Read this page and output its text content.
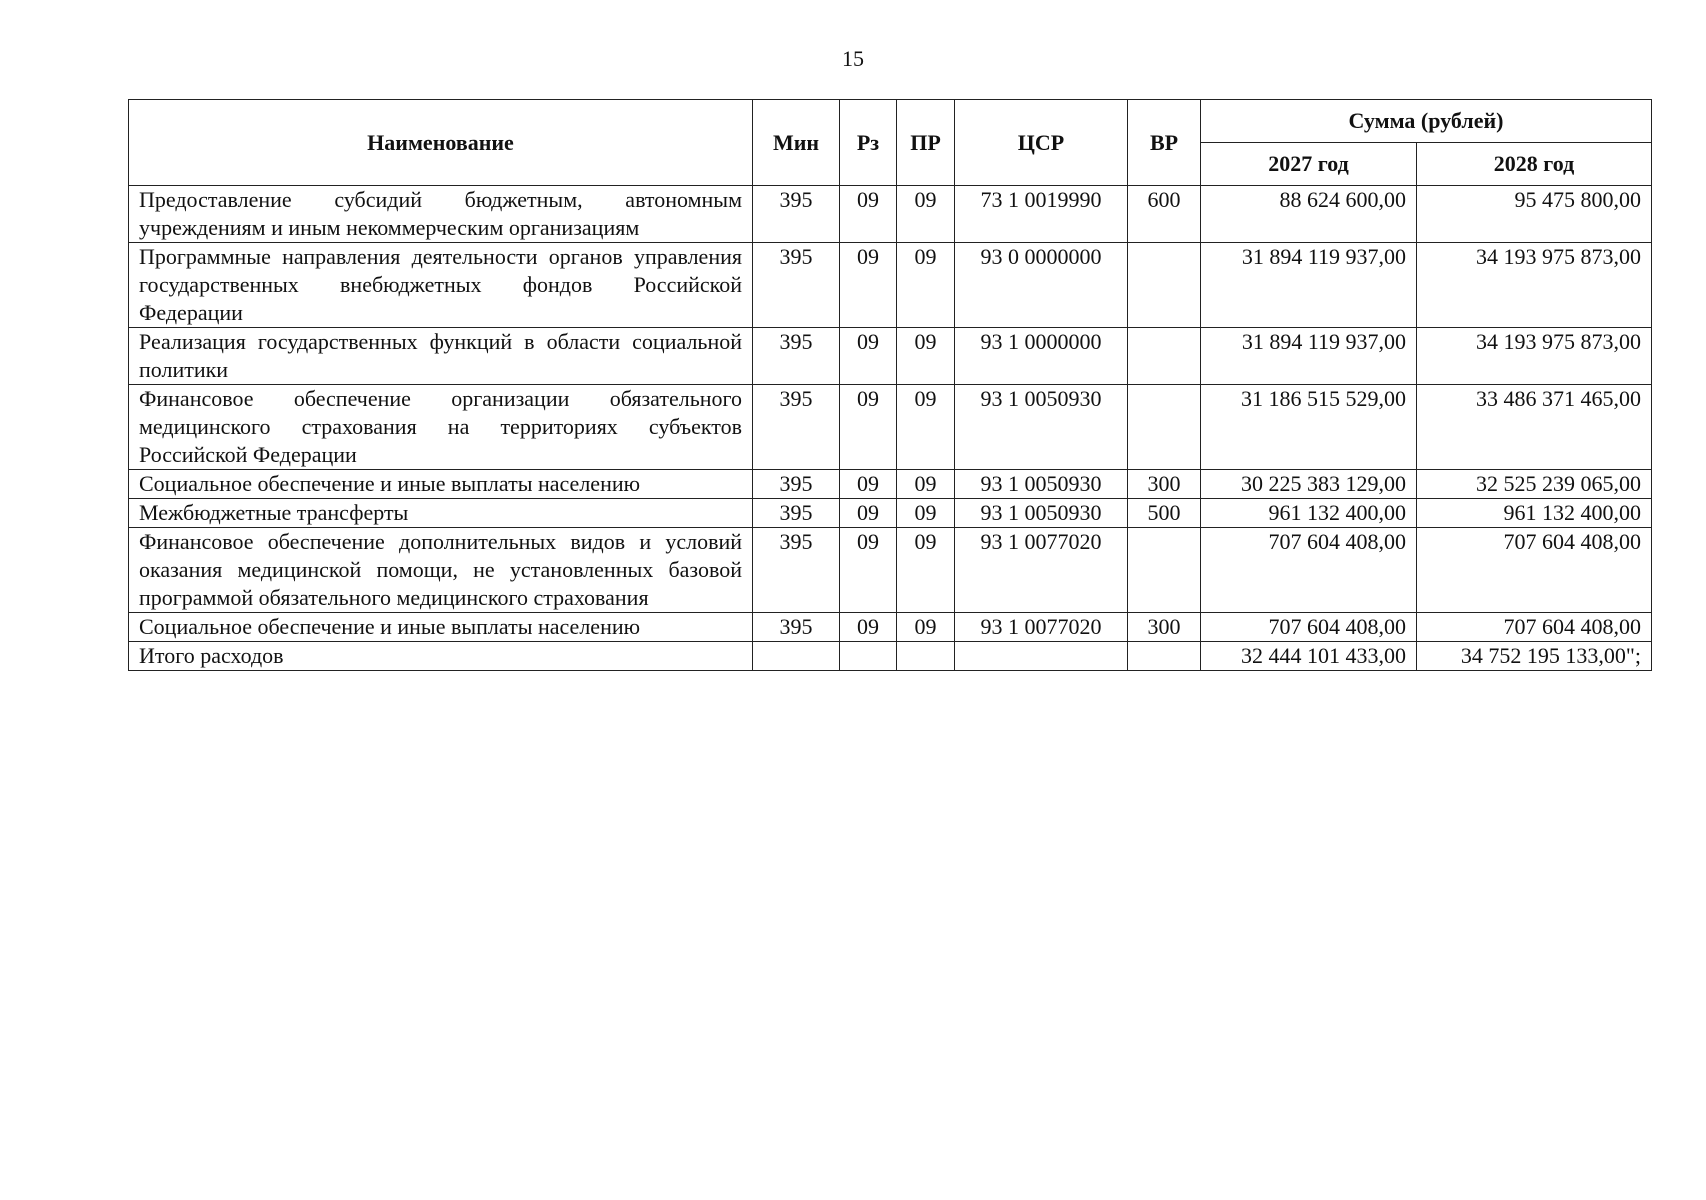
15
Наименование	Мин	Рз	ПР	ЦСР	ВР	Сумма (рублей)	
						2027 год	2028 год
Предоставление субсидий бюджетным, автономным учреждениям и иным некоммерческим организациям	395	09	09	73 1 0019990	600	88 624 600,00	95 475 800,00
Программные направления деятельности органов управления государственных внебюджетных фондов Российской Федерации	395	09	09	93 0 0000000		31 894 119 937,00	34 193 975 873,00
Реализация государственных функций в области социальной политики	395	09	09	93 1 0000000		31 894 119 937,00	34 193 975 873,00
Финансовое обеспечение организации обязательного медицинского страхования на территориях субъектов Российской Федерации	395	09	09	93 1 0050930		31 186 515 529,00	33 486 371 465,00
Социальное обеспечение и иные выплаты населению	395	09	09	93 1 0050930	300	30 225 383 129,00	32 525 239 065,00
Межбюджетные трансферты	395	09	09	93 1 0050930	500	961 132 400,00	961 132 400,00
Финансовое обеспечение дополнительных видов и условий оказания медицинской помощи, не установленных базовой программой обязательного медицинского страхования	395	09	09	93 1 0077020		707 604 408,00	707 604 408,00
Социальное обеспечение и иные выплаты населению	395	09	09	93 1 0077020	300	707 604 408,00	707 604 408,00
Итого расходов						32 444 101 433,00	34 752 195 133,00";
